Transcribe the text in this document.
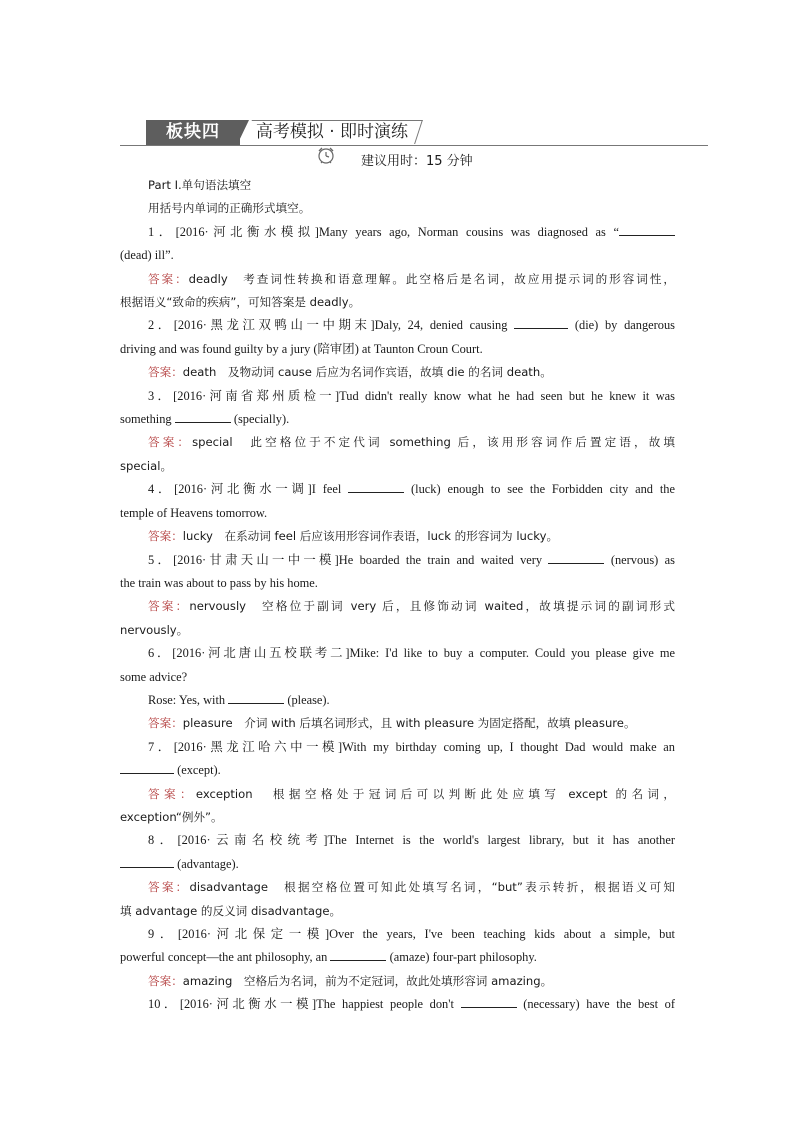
板块四	高考模拟 · 即时演练
建议用时：15 分钟
Part Ⅰ.单句语法填空
用括号内单词的正确形式填空。
1．[2016·河北衡水模拟]Many years ago, Norman cousins was diagnosed as “
(dead) ill”.
答案：deadly　考查词性转换和语意理解。此空格后是名词，故应用提示词的形容词性，
根据语义“致命的疾病”，可知答案是 deadly。
2．[2016·黑龙江双鸭山一中期末]Daly, 24, denied causing	(die) by dangerous
driving and was found guilty by a jury (陪审团) at Taunton Croun Court.
答案：death　及物动词 cause 后应为名词作宾语，故填 die 的名词 death。
3．[2016·河南省郑州质检一]Tud didn't really know what he had seen but he knew it was
something	(specially).
答案：special　此空格位于不定代词 something 后，该用形容词作后置定语，故填
special。
4．[2016·河北衡水一调]I feel	(luck) enough to see the Forbidden city and the
temple of Heavens tomorrow.
答案：lucky　在系动词 feel 后应该用形容词作表语，luck 的形容词为 lucky。
5．[2016·甘肃天山一中一模]He boarded the train and waited very	(nervous) as
the train was about to pass by his home.
答案：nervously　空格位于副词 very 后，且修饰动词 waited，故填提示词的副词形式
nervously。
6．[2016·河北唐山五校联考二]Mike: I'd like to buy a computer. Could you please give me
some advice?
Rose: Yes, with	(please).
答案：pleasure　介词 with 后填名词形式，且 with pleasure 为固定搭配，故填 pleasure。
7．[2016·黑龙江哈六中一模]With my birthday coming up, I thought Dad would make an
(except).
答案：exception　根据空格处于冠词后可以判断此处应填写 except 的名词，
exception“例外”。
8．[2016·云南名校统考]The Internet is the world's largest library, but it has another
(advantage).
答案：disadvantage　根据空格位置可知此处填写名词，“but”表示转折，根据语义可知
填 advantage 的反义词 disadvantage。
9．[2016·河北保定一模]Over the years, I've been teaching kids about a simple, but
powerful concept—the ant philosophy, an	(amaze) four-part philosophy.
答案：amazing　空格后为名词，前为不定冠词，故此处填形容词 amazing。
10．[2016·河北衡水一模]The happiest people don't	(necessary) have the best of
